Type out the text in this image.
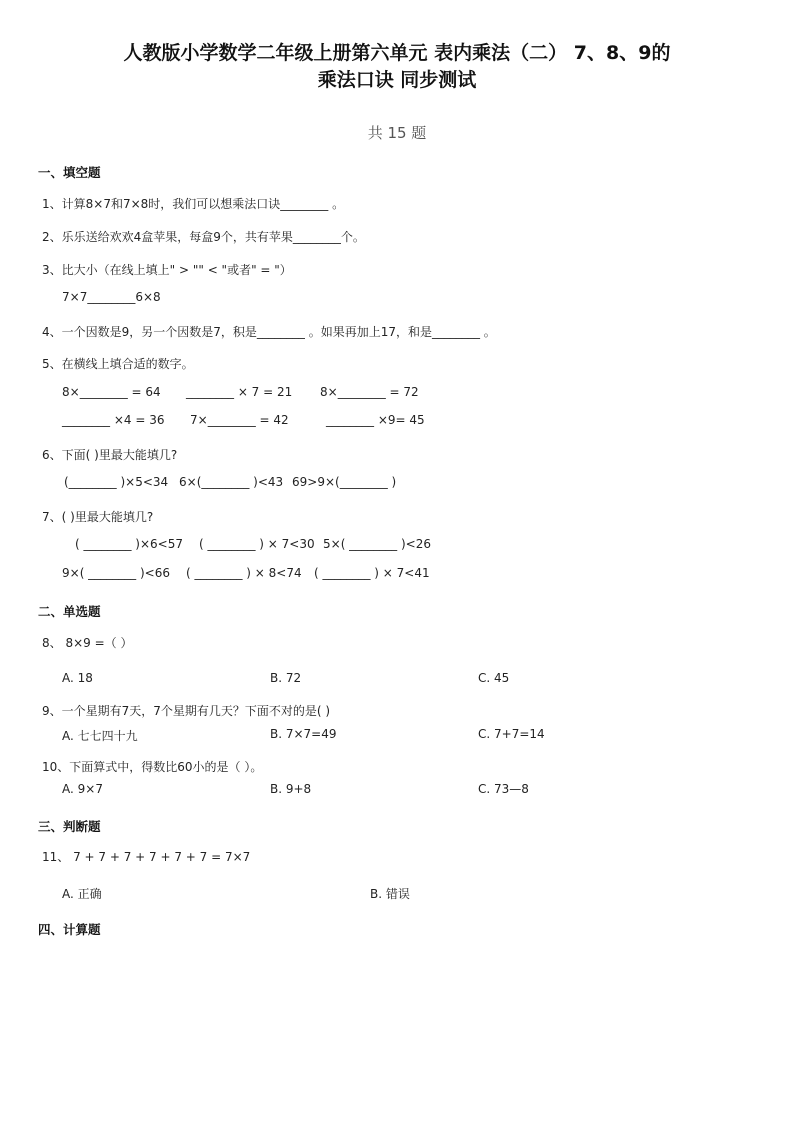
人教版小学数学二年级上册第六单元 表内乘法（二） 7、8、9的
乘法口诀 同步测试
共 15 题
一、填空题
1、计算8×7和7×8时，我们可以想乘法口诀________ 。
2、乐乐送给欢欢4盒苹果，每盒9个，共有苹果________个。
3、比大小（在线上填上" > "" < "或者" = "）
7×7________6×8
4、一个因数是9，另一个因数是7，积是________ 。如果再加上17，和是________ 。
5、在横线上填合适的数字。
8×________ = 64 ________ × 7 = 21 8×________ = 72
________ ×4 = 36 7×________ = 42	________ ×9= 45
6、下面( )里最大能填几?
(________ )×5<34 6×(________ )<43 69>9×(________ )
7、( )里最大能填几?
( ________ )×6<57 ( ________ ) × 7<30 5×( ________ )<26
9×( ________ )<66 ( ________ ) × 8<74 ( ________ ) × 7<41
二、单选题
8、 8×9 =（ ）
A. 18	B. 72	C. 45
9、一个星期有7天，7个星期有几天？下面不对的是( )
A. 七七四十九	B. 7×7=49	C. 7+7=14
10、下面算式中，得数比60小的是（ ）。
A. 9×7	B. 9+8	C. 73—8
三、判断题
11、 7 + 7 + 7 + 7 + 7 + 7 = 7×7
A. 正确	B. 错误
四、计算题
